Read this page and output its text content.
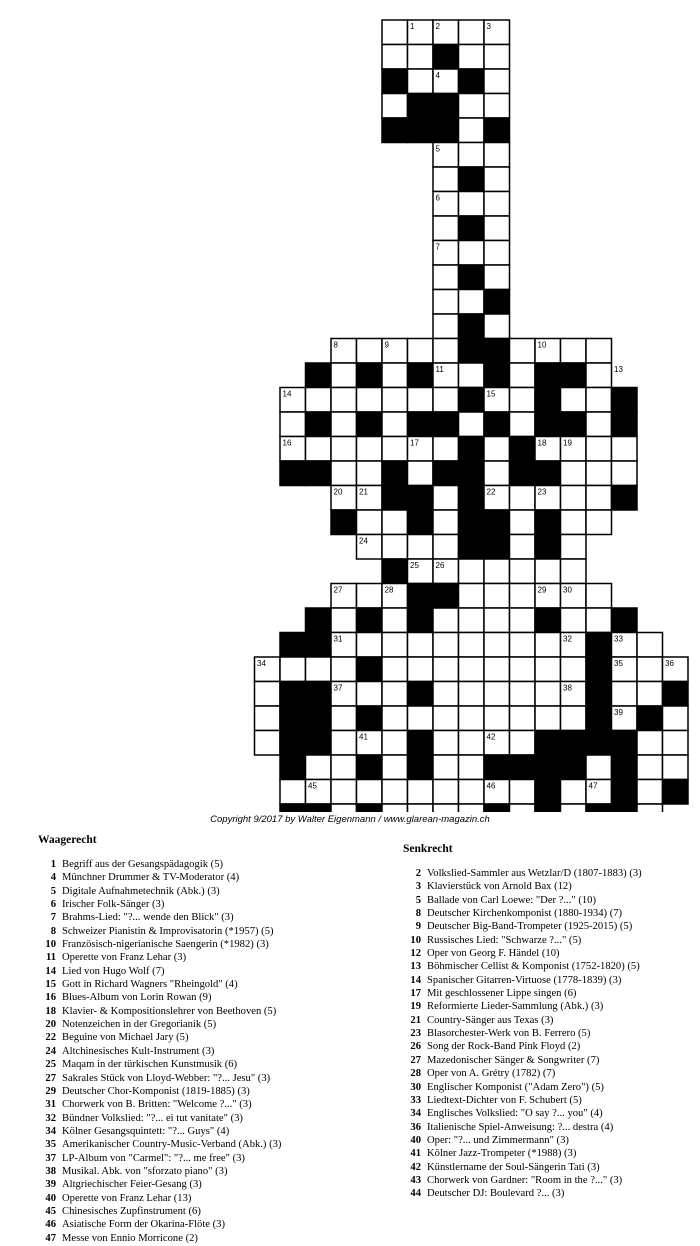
1	2	3
4
5
6
7
8	9	10
11	12	13
14	15
16	17	18 19
20 21	22	23
24
25 26
27	28	29 30
31	32	33
34	35	36
37	38
39
40	41	42	43	44
45	46	47
Copyright 9/2017 by Walter Eigenmann / www.glarean-magazin.ch
Waagerecht
1 Begriff aus der Gesangspädagogik (5)
4 Münchner Drummer & TV-Moderator (4)
5 Digitale Aufnahmetechnik (Abk.) (3)
6 Irischer Folk-Sänger (3)
7 Brahms-Lied: "?... wende den Blick" (3)
8 Schweizer Pianistin & Improvisatorin (*1957) (5)
10 Französisch-nigerianische Saengerin (*1982) (3)
11 Operette von Franz Lehar (3)
14 Lied von Hugo Wolf (7)
15 Gott in Richard Wagners "Rheingold" (4)
16 Blues-Album von Lorin Rowan (9)
18 Klavier- & Kompositionslehrer von Beethoven (5)
20 Notenzeichen in der Gregorianik (5)
22 Beguine von Michael Jary (5)
24 Altchinesisches Kult-Instrument (3)
25 Maqam in der türkischen Kunstmusik (6)
27 Sakrales Stück von Lloyd-Webber: "?... Jesu" (3)
29 Deutscher Chor-Komponist (1819-1885) (3)
31 Chorwerk von B. Britten: "Welcome ?..." (3)
32 Bündner Volkslied: "?... ei tut vanitate" (3)
34 Kölner Gesangsquintett: "?... Guys" (4)
35 Amerikanischer Country-Music-Verband (Abk.) (3)
37 LP-Album von "Carmel": "?... me free" (3)
38 Musikal. Abk. von "sforzato piano" (3)
39 Altgriechischer Feier-Gesang (3)
40 Operette von Franz Lehar (13)
45 Chinesisches Zupfinstrument (6)
46 Asiatische Form der Okarina-Flöte (3)
47 Messe von Ennio Morricone (2)
Senkrecht
2 Volkslied-Sammler aus Wetzlar/D (1807-1883) (3)
3 Klavierstück von Arnold Bax (12)
5 Ballade von Carl Loewe: "Der ?..." (10)
8 Deutscher Kirchenkomponist (1880-1934) (7)
9 Deutscher Big-Band-Trompeter (1925-2015) (5)
10 Russisches Lied: "Schwarze ?..." (5)
12 Oper von Georg F. Händel (10)
13 Böhmischer Cellist & Komponist (1752-1820) (5)
14 Spanischer Gitarren-Virtuose (1778-1839) (3)
17 Mit geschlossener Lippe singen (6)
19 Reformierte Lieder-Sammlung (Abk.) (3)
21 Country-Sänger aus Texas (3)
23 Blasorchester-Werk von B. Ferrero (5)
26 Song der Rock-Band Pink Floyd (2)
27 Mazedonischer Sänger & Songwriter (7)
28 Oper von A. Grétry (1782) (7)
30 Englischer Komponist ("Adam Zero") (5)
33 Liedtext-Dichter von F. Schubert (5)
34 Englisches Volkslied: "O say ?... you" (4)
36 Italienische Spiel-Anweisung: ?... destra (4)
40 Oper: "?... und Zimmermann" (3)
41 Kölner Jazz-Trompeter (*1988) (3)
42 Künstlername der Soul-Sängerin Tati (3)
43 Chorwerk von Gardner: "Room in the ?..." (3)
44 Deutscher DJ: Boulevard ?... (3)
